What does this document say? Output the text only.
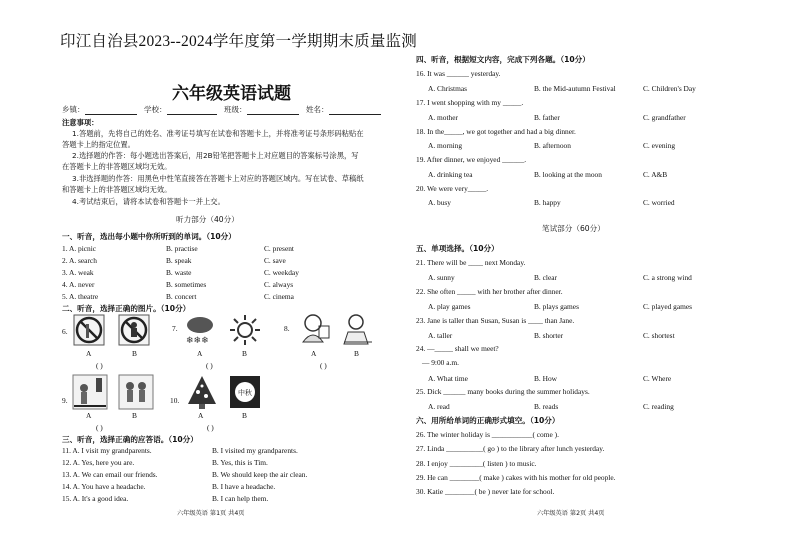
印江自治县2023--2024学年度第一学期期末质量监测
六年级英语试题
乡镇：	学校：	班级：	姓名：
注意事项：
1.答题前，先将自己的姓名、准考证号填写在试卷和答题卡上，并将准考证号条形码粘贴在
答题卡上的指定位置。
2.选择题的作答：每小题选出答案后，用2B铅笔把答题卡上对应题目的答案标号涂黑，写
在答题卡上的非答题区域均无效。
3.非选择题的作答：用黑色中性笔直接答在答题卡上对应的答题区域内。写在试卷、草稿纸
和答题卡上的非答题区域均无效。
4.考试结束后，请将本试卷和答题卡一并上交。
听力部分（40分）
一、听音，选出每小题中你所听到的单词。（10分）
1. A. picnic	B. practise	C. present
2. A. search	B. speak	C. save
3. A. weak	B. waste	C. weekday
4. A. never	B. sometimes	C. always
5. A. theatre	B. concert	C. cinema
二、听音，选择正确的图片。（10分）
6.
A	B
( )
7.
❄❄❄
A	B
( )
8.
A	B
( )
9.
A	B
( )
10.
中秋
A	B
( )
三、听音，选择正确的应答语。（10分）
11. A. I visit my grandparents.	B. I visited my grandparents.
12. A. Yes, here you are.	B. Yes, this is Tim.
13. A. We can email our friends.	B. We should keep the air clean.
14. A. You have a headache.	B. I have a headache.
15. A. It's a good idea.	B. I can help them.
六年级英语 第1页 共4页
四、听音，根据短文内容，完成下列各题。（10分）
16. It was ______ yesterday.
A. Christmas	B. the Mid-autumn Festival	C. Children's Day
17. I went shopping with my _____.
A. mother	B. father	C. grandfather
18. In the_____, we got together and had a big dinner.
A. morning	B. afternoon	C. evening
19. After dinner, we enjoyed ______.
A. drinking tea	B. looking at the moon	C. A&B
20. We were very_____.
A. busy	B. happy	C. worried
笔试部分（60分）
五、单项选择。（10分）
21. There will be ____ next Monday.
A. sunny	B. clear	C. a strong wind
22. She often _____ with her brother after dinner.
A. play games	B. plays games	C. played games
23. Jane is taller than Susan, Susan is ____ than Jane.
A. taller	B. shorter	C. shortest
24. —_____ shall we meet?
— 9:00 a.m.
A. What time	B. How	C. Where
25. Dick ______ many books during the summer holidays.
A. read	B. reads	C. reading
六、用所给单词的正确形式填空。（10分）
26. The winter holiday is ___________( come ).
27. Linda __________( go ) to the library after lunch yesterday.
28. I enjoy _________( listen ) to music.
29. He can ________( make ) cakes with his mother for old people.
30. Katie ________( be ) never late for school.
六年级英语 第2页 共4页
